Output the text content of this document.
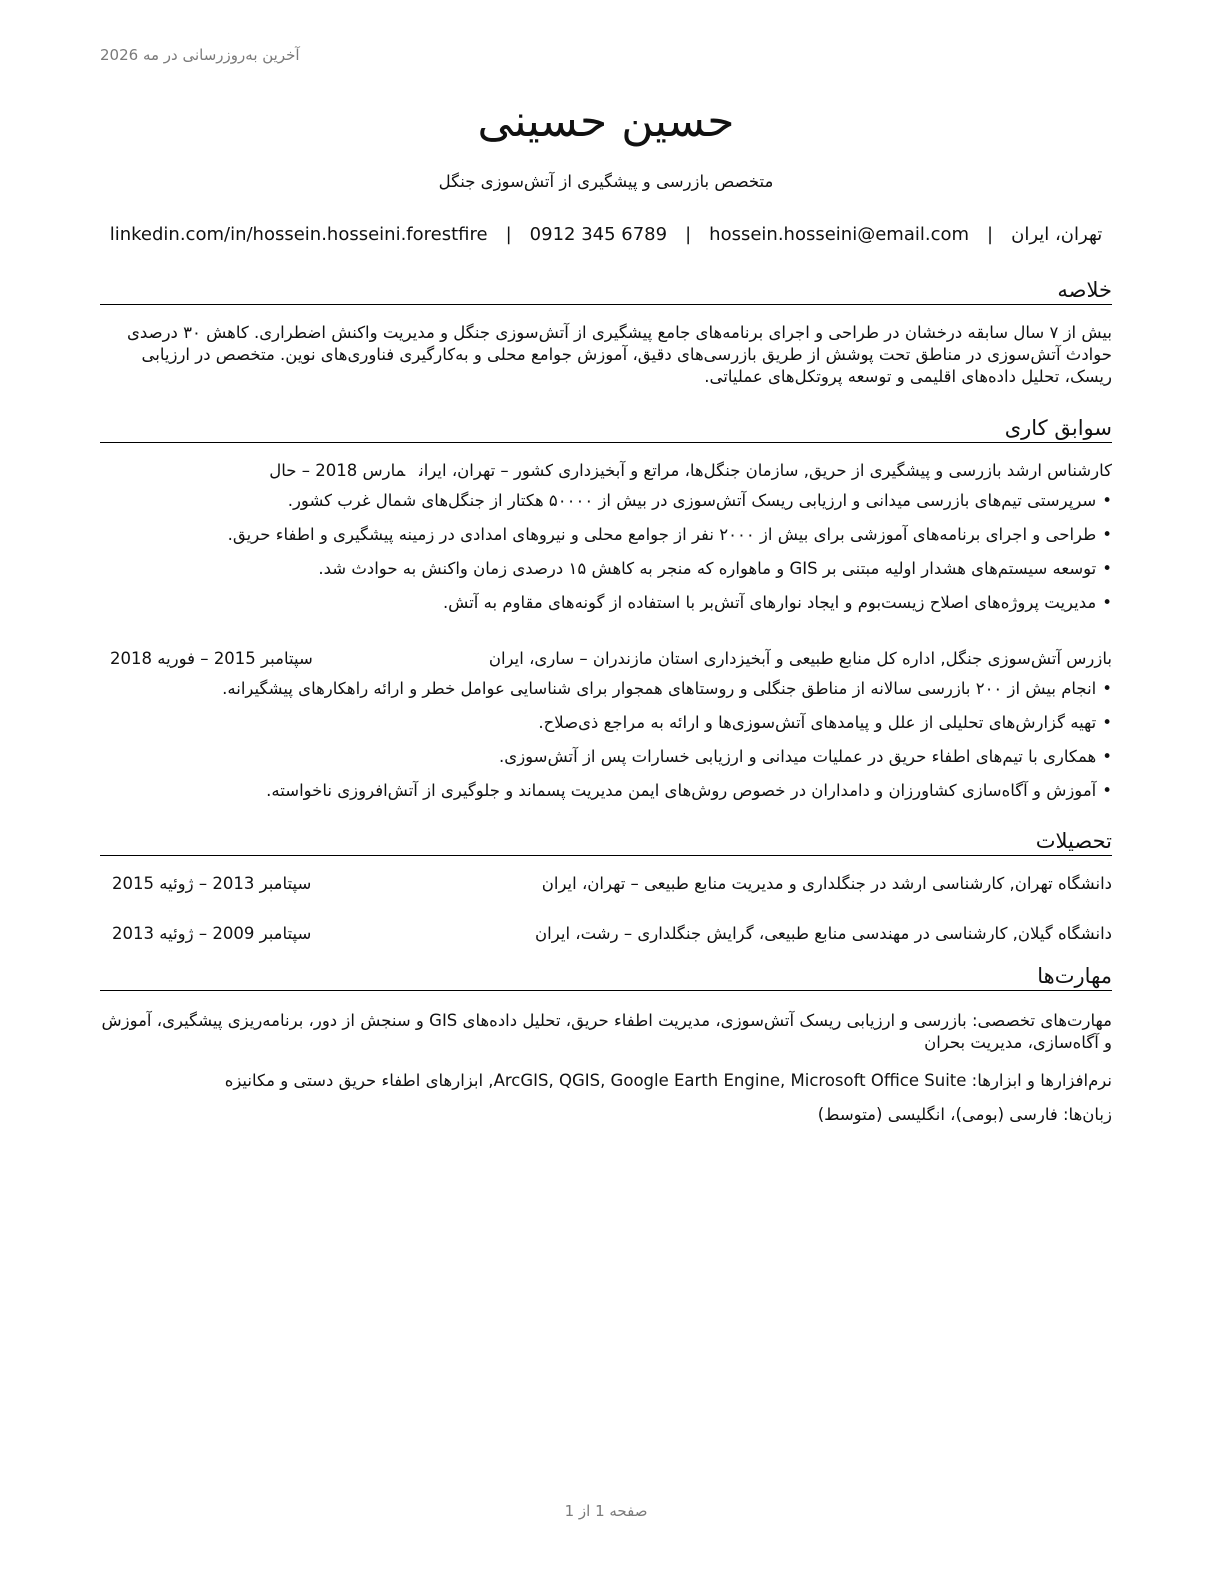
آخرین به‌روزرسانی در مه 2026
حسین حسینی
متخصص بازرسی و پیشگیری از آتش‌سوزی جنگل
تهران، ایران
|
hossein.hosseini@email.com
|
0912 345 6789
|
linkedin.com/in/hossein.hosseini.forestfire
خلاصه
بیش از ۷ سال سابقه درخشان در طراحی و اجرای برنامه‌های جامع پیشگیری از آتش‌سوزی جنگل و مدیریت واکنش اضطراری. کاهش ۳۰ درصدی حوادث آتش‌سوزی در مناطق تحت پوشش از طریق بازرسی‌های دقیق، آموزش جوامع محلی و به‌کارگیری فناوری‌های نوین. متخصص در ارزیابی ریسک، تحلیل داده‌های اقلیمی و توسعه پروتکل‌های عملیاتی.
سوابق کاری
کارشناس ارشد بازرسی و پیشگیری از حریق, سازمان جنگل‌ها، مراتع و آبخیزداری کشور – تهران، ایرانمارس 2018 – حال
•سرپرستی تیم‌های بازرسی میدانی و ارزیابی ریسک آتش‌سوزی در بیش از ۵۰۰۰۰ هکتار از جنگل‌های شمال غرب کشور.
•طراحی و اجرای برنامه‌های آموزشی برای بیش از ۲۰۰۰ نفر از جوامع محلی و نیروهای امدادی در زمینه پیشگیری و اطفاء حریق.
•توسعه سیستم‌های هشدار اولیه مبتنی بر GIS و ماهواره که منجر به کاهش ۱۵ درصدی زمان واکنش به حوادث شد.
•مدیریت پروژه‌های اصلاح زیست‌بوم و ایجاد نوارهای آتش‌بر با استفاده از گونه‌های مقاوم به آتش.
بازرس آتش‌سوزی جنگل, اداره کل منابع طبیعی و آبخیزداری استان مازندران – ساری، ایران
سپتامبر 2015 – فوریه 2018
•انجام بیش از ۲۰۰ بازرسی سالانه از مناطق جنگلی و روستاهای همجوار برای شناسایی عوامل خطر و ارائه راهکارهای پیشگیرانه.
•تهیه گزارش‌های تحلیلی از علل و پیامدهای آتش‌سوزی‌ها و ارائه به مراجع ذی‌صلاح.
•همکاری با تیم‌های اطفاء حریق در عملیات میدانی و ارزیابی خسارات پس از آتش‌سوزی.
•آموزش و آگاه‌سازی کشاورزان و دامداران در خصوص روش‌های ایمن مدیریت پسماند و جلوگیری از آتش‌افروزی ناخواسته.
تحصیلات
دانشگاه تهران, کارشناسی ارشد در جنگلداری و مدیریت منابع طبیعی – تهران، ایران
سپتامبر 2013 – ژوئیه 2015
دانشگاه گیلان, کارشناسی در مهندسی منابع طبیعی، گرایش جنگلداری – رشت، ایران
سپتامبر 2009 – ژوئیه 2013
مهارت‌ها
مهارت‌های تخصصی: بازرسی و ارزیابی ریسک آتش‌سوزی، مدیریت اطفاء حریق، تحلیل داده‌های GIS و سنجش از دور، برنامه‌ریزی پیشگیری، آموزش و آگاه‌سازی، مدیریت بحران
نرم‌افزارها و ابزارها: ArcGIS, QGIS, Google Earth Engine, Microsoft Office Suite, ابزارهای اطفاء حریق دستی و مکانیزه
زبان‌ها: فارسی (بومی)، انگلیسی (متوسط)
صفحه 1 از 1
